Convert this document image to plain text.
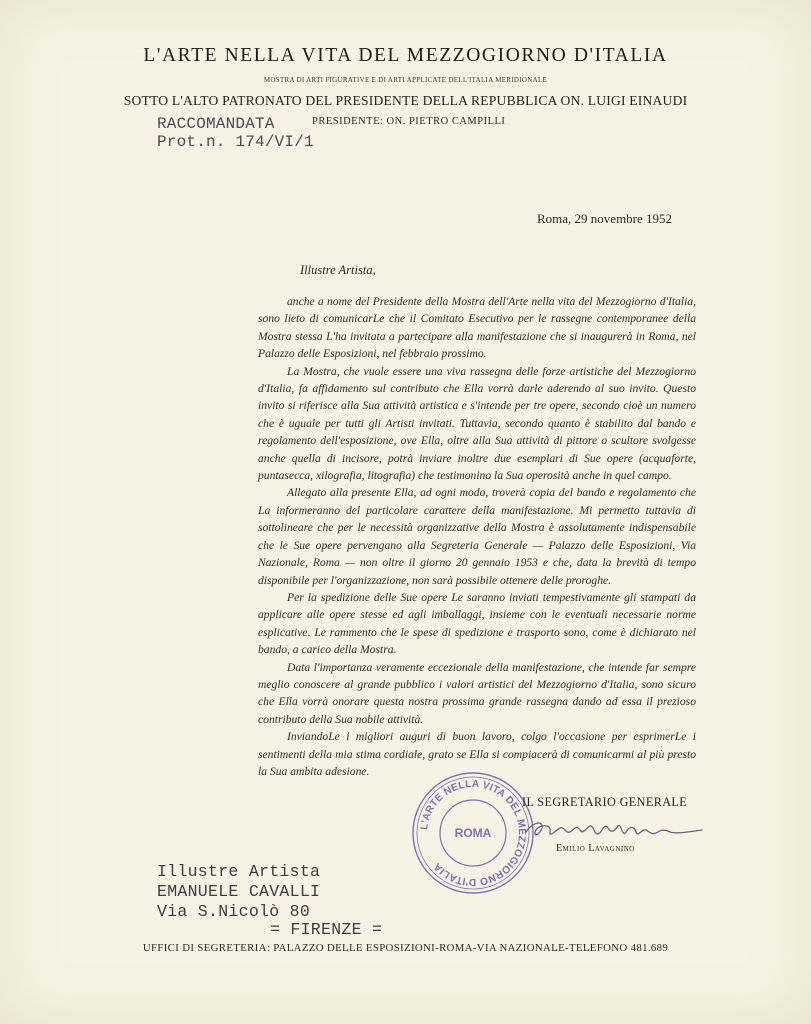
L'ARTE NELLA VITA DEL MEZZOGIORNO D'ITALIA
MOSTRA DI ARTI FIGURATIVE E DI ARTI APPLICATE DELL'ITALIA MERIDIONALE
SOTTO L'ALTO PATRONATO DEL PRESIDENTE DELLA REPUBBLICA ON. LUIGI EINAUDI
PRESIDENTE: ON. PIETRO CAMPILLI
RACCOMANDATA
Prot.n. 174/VI/1
Roma, 29 novembre 1952
Illustre Artista,

anche a nome del Presidente della Mostra dell'Arte nella vita del Mezzogiorno d'Italia, sono lieto di comunicarLe che il Comitato Esecutivo per le rassegne contemporanee della Mostra stessa L'ha invitata a partecipare alla manifestazione che si inaugurerà in Roma, nel Palazzo delle Esposizioni, nel febbraio prossimo.

La Mostra, che vuole essere una viva rassegna delle forze artistiche del Mezzogiorno d'Italia, fa affidamento sul contributo che Ella vorrà darle aderendo al suo invito. Questo invito si riferisce alla Sua attività artistica e s'intende per tre opere, secondo cioè un numero che è uguale per tutti gli Artisti invitati. Tuttavia, secondo quanto è stabilito dal bando e regolamento dell'esposizione, ove Ella, oltre alla Sua attività di pittore o scultore svolgesse anche quella di incisore, potrà inviare inoltre due esemplari di Sue opere (acquaforte, puntasecca, xilografia, litografia) che testimonino la Sua operosità anche in quel campo.

Allegato alla presente Ella, ad ogni modo, troverà copia del bando e regolamento che La informeranno del particolare carattere della manifestazione. Mi permetto tuttavia di sottolineare che per le necessità organizzative della Mostra è assolutamente indispensabile che le Sue opere pervengano alla Segreteria Generale — Palazzo delle Esposizioni, Via Nazionale, Roma — non oltre il giorno 20 gennaio 1953 e che, data la brevità di tempo disponibile per l'organizzazione, non sarà possibile ottenere delle proroghe.

Per la spedizione delle Sue opere Le saranno inviati tempestivamente gli stampati da applicare alle opere stesse ed agli imballaggi, insieme con le eventuali necessarie norme esplicative. Le rammento che le spese di spedizione e trasporto sono, come è dichiarato nel bando, a carico della Mostra.

Data l'importanza veramente eccezionale della manifestazione, che intende far sempre meglio conoscere al grande pubblico i valori artistici del Mezzogiorno d'Italia, sono sicuro che Ella vorrà onorare questa nostra prossima grande rassegna dando ad essa il prezioso contributo della Sua nobile attività.

InviandoLe i migliori auguri di buon lavoro, colgo l'occasione per esprimerLe i sentimenti della mia stima cordiale, grato se Ella si compiacerà di comunicarmi al più presto la Sua ambita adesione.

L'ARTE NELLA VITA DEL MEZZOGIORNO D'ITALIA
ROMA
IL SEGRETARIO GENERALE
Emilio Lavagnino
Illustre Artista
EMANUELE CAVALLI
Via S.Nicolò 80
= FIRENZE =
UFFICI DI SEGRETERIA: PALAZZO DELLE ESPOSIZIONI-ROMA-VIA NAZIONALE-TELEFONO 481.689
